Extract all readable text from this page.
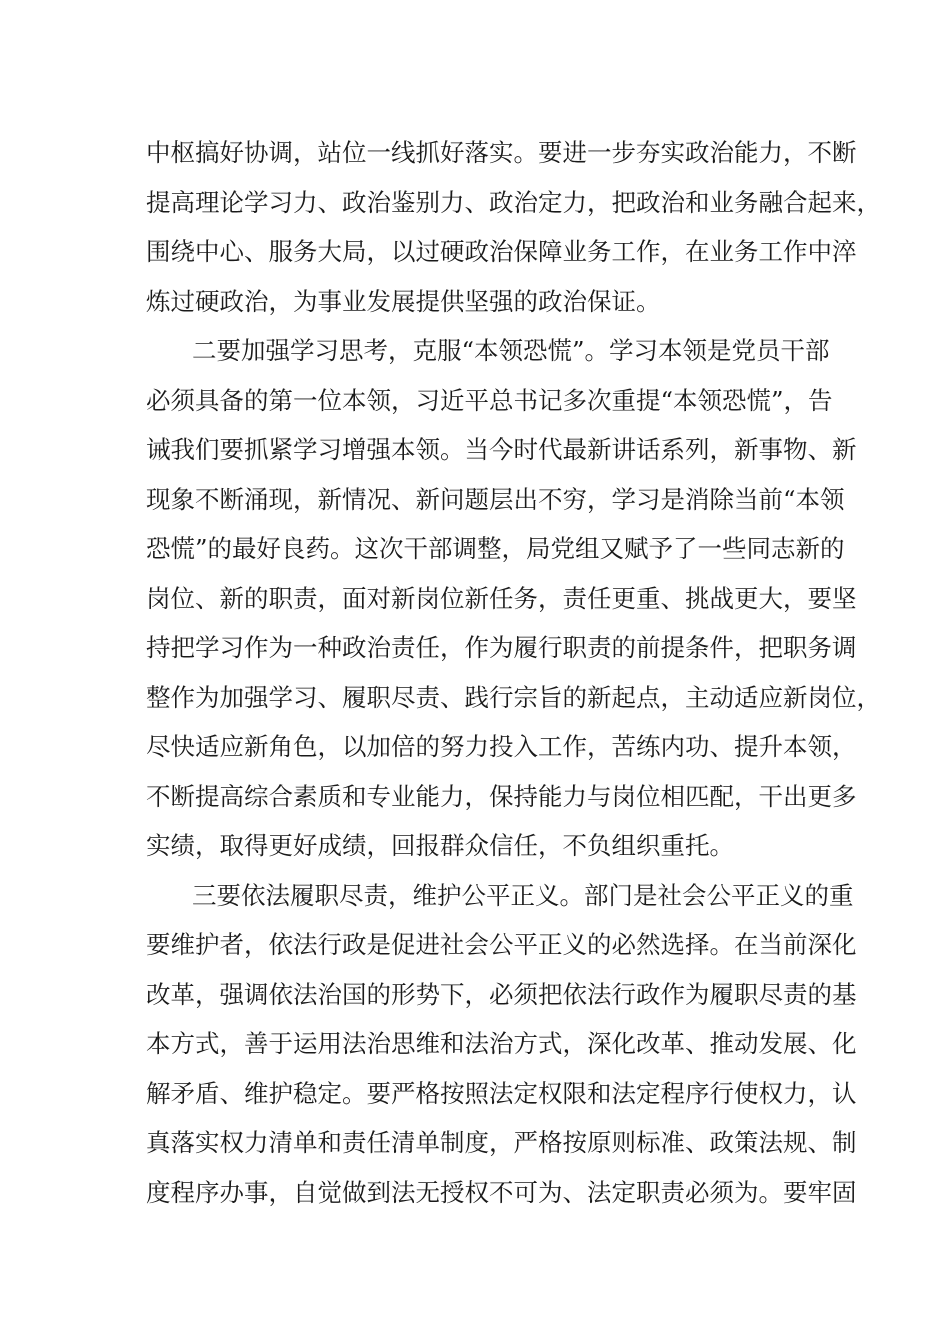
中枢搞好协调，站位一线抓好落实。要进一步夯实政治能力，不断
提高理论学习力、政治鉴别力、政治定力，把政治和业务融合起来，
围绕中心、服务大局，以过硬政治保障业务工作，在业务工作中淬
炼过硬政治，为事业发展提供坚强的政治保证。
二要加强学习思考，克服“本领恐慌”。学习本领是党员干部
必须具备的第一位本领，习近平总书记多次重提“本领恐慌”，告
诫我们要抓紧学习增强本领。当今时代最新讲话系列，新事物、新
现象不断涌现，新情况、新问题层出不穷，学习是消除当前“本领
恐慌”的最好良药。这次干部调整，局党组又赋予了一些同志新的
岗位、新的职责，面对新岗位新任务，责任更重、挑战更大，要坚
持把学习作为一种政治责任，作为履行职责的前提条件，把职务调
整作为加强学习、履职尽责、践行宗旨的新起点，主动适应新岗位，
尽快适应新角色，以加倍的努力投入工作，苦练内功、提升本领，
不断提高综合素质和专业能力，保持能力与岗位相匹配，干出更多
实绩，取得更好成绩，回报群众信任，不负组织重托。
三要依法履职尽责，维护公平正义。部门是社会公平正义的重
要维护者，依法行政是促进社会公平正义的必然选择。在当前深化
改革，强调依法治国的形势下，必须把依法行政作为履职尽责的基
本方式，善于运用法治思维和法治方式，深化改革、推动发展、化
解矛盾、维护稳定。要严格按照法定权限和法定程序行使权力，认
真落实权力清单和责任清单制度，严格按原则标准、政策法规、制
度程序办事，自觉做到法无授权不可为、法定职责必须为。要牢固
